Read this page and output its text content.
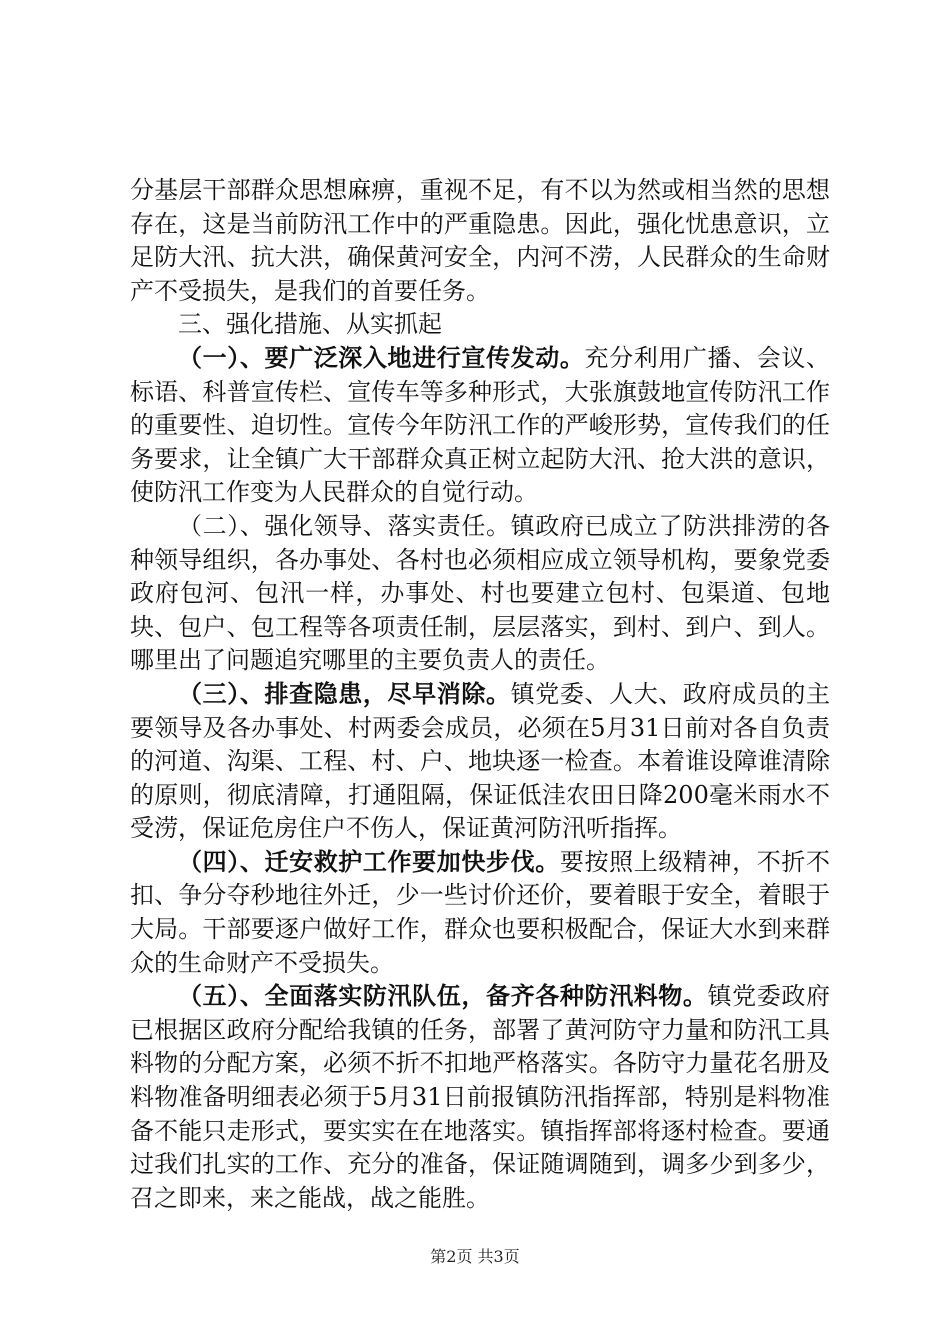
分基层干部群众思想麻痹，重视不足，有不以为然或相当然的思想存在，这是当前防汛工作中的严重隐患。因此，强化忧患意识，立足防大汛、抗大洪，确保黄河安全，内河不涝，人民群众的生命财产不受损失，是我们的首要任务。

三、强化措施、从实抓起

（一）、要广泛深入地进行宣传发动。充分利用广播、会议、标语、科普宣传栏、宣传车等多种形式，大张旗鼓地宣传防汛工作的重要性、迫切性。宣传今年防汛工作的严峻形势，宣传我们的任务要求，让全镇广大干部群众真正树立起防大汛、抢大洪的意识，使防汛工作变为人民群众的自觉行动。

（二）、强化领导、落实责任。镇政府已成立了防洪排涝的各种领导组织，各办事处、各村也必须相应成立领导机构，要象党委政府包河、包汛一样，办事处、村也要建立包村、包渠道、包地块、包户、包工程等各项责任制，层层落实，到村、到户、到人。哪里出了问题追究哪里的主要负责人的责任。

（三）、排查隐患，尽早消除。镇党委、人大、政府成员的主要领导及各办事处、村两委会成员，必须在5月31日前对各自负责的河道、沟渠、工程、村、户、地块逐一检查。本着谁设障谁清除的原则，彻底清障，打通阻隔，保证低洼农田日降200毫米雨水不受涝，保证危房住户不伤人，保证黄河防汛听指挥。

（四）、迁安救护工作要加快步伐。要按照上级精神，不折不扣、争分夺秒地往外迁，少一些讨价还价，要着眼于安全，着眼于大局。干部要逐户做好工作，群众也要积极配合，保证大水到来群众的生命财产不受损失。

（五）、全面落实防汛队伍，备齐各种防汛料物。镇党委政府已根据区政府分配给我镇的任务，部署了黄河防守力量和防汛工具料物的分配方案，必须不折不扣地严格落实。各防守力量花名册及料物准备明细表必须于5月31日前报镇防汛指挥部，特别是料物准备不能只走形式，要实实在在地落实。镇指挥部将逐村检查。要通过我们扎实的工作、充分的准备，保证随调随到，调多少到多少，召之即来，来之能战，战之能胜。

第2页 共3页
